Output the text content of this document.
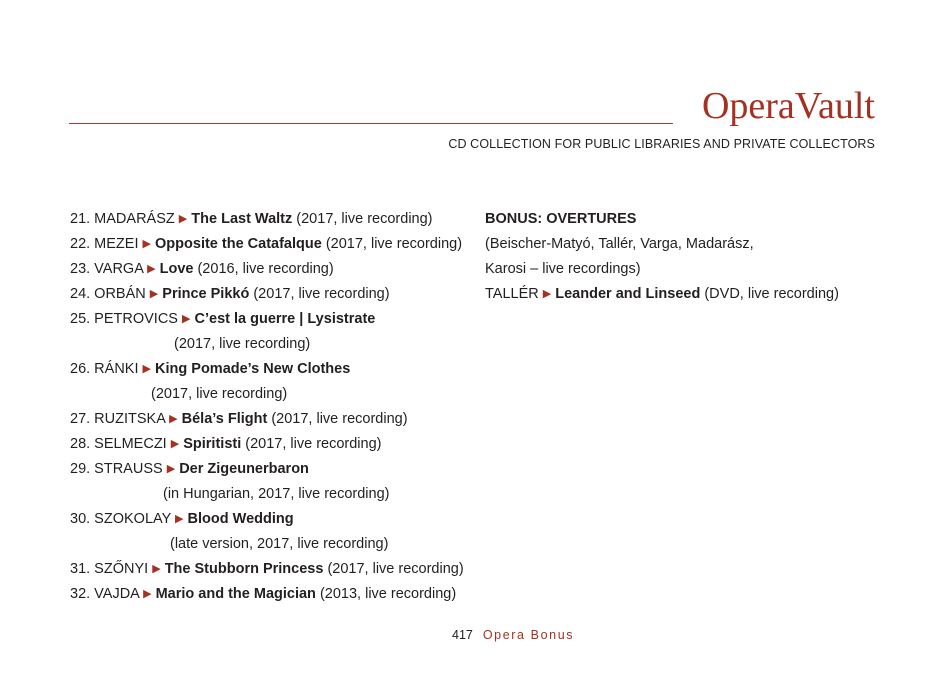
OperaVault
CD COLLECTION FOR PUBLIC LIBRARIES AND PRIVATE COLLECTORS
21. MADARÁSZ ▶ The Last Waltz (2017, live recording)
22. MEZEI ▶ Opposite the Catafalque (2017, live recording)
23. VARGA ▶ Love (2016, live recording)
24. ORBÁN ▶ Prince Pikkó (2017, live recording)
25. PETROVICS ▶ C’est la guerre | Lysistrate
(2017, live recording)
26. RÁNKI ▶ King Pomade’s New Clothes
(2017, live recording)
27. RUZITSKA ▶ Béla’s Flight (2017, live recording)
28. SELMECZI ▶ Spiritisti (2017, live recording)
29. STRAUSS ▶ Der Zigeunerbaron
(in Hungarian, 2017, live recording)
30. SZOKOLAY ▶ Blood Wedding
(late version, 2017, live recording)
31. SZŐNYI ▶ The Stubborn Princess (2017, live recording)
32. VAJDA ▶ Mario and the Magician (2013, live recording)
BONUS: OVERTURES
(Beischer-Matyó, Tallér, Varga, Madarász,
Karosi – live recordings)
TALLÉR ▶ Leander and Linseed (DVD, live recording)
417 Opera Bonus
